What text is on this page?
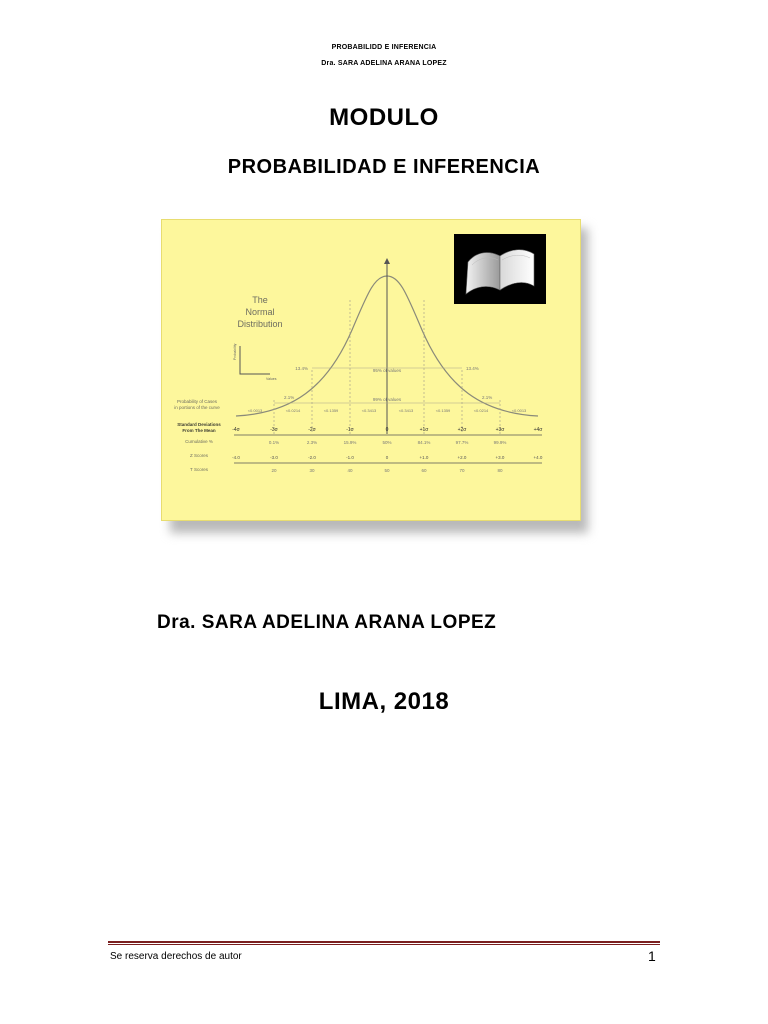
PROBABILIDD E INFERENCIA
Dra. SARA ADELINA ARANA LOPEZ
MODULO
PROBABILIDAD E INFERENCIA
95% of values
99% of values
13.4%	13.4%
2.1%	2.1%
The
Normal
Distribution
Probability
Values
Probability of Cases
in portions of the curve
Standard Deviations
From The Mean
Cumulative %
Z Scores
T Scores
<0.0013	<0.0214	<0.1359	<0.3413	<0.3413	<0.1359	<0.0214	<0.0013
-4σ	-3σ	-2σ	-1σ	0	+1σ	+2σ	+3σ	+4σ
0.1%	2.3%	15.9%	50%	84.1%	97.7%	99.9%
-4.0	-3.0	-2.0	-1.0	0	+1.0	+2.0	+3.0	+4.0
20	30	40	50	60	70	80
Dra. SARA ADELINA ARANA LOPEZ
LIMA, 2018
Se reserva derechos de autor	1
